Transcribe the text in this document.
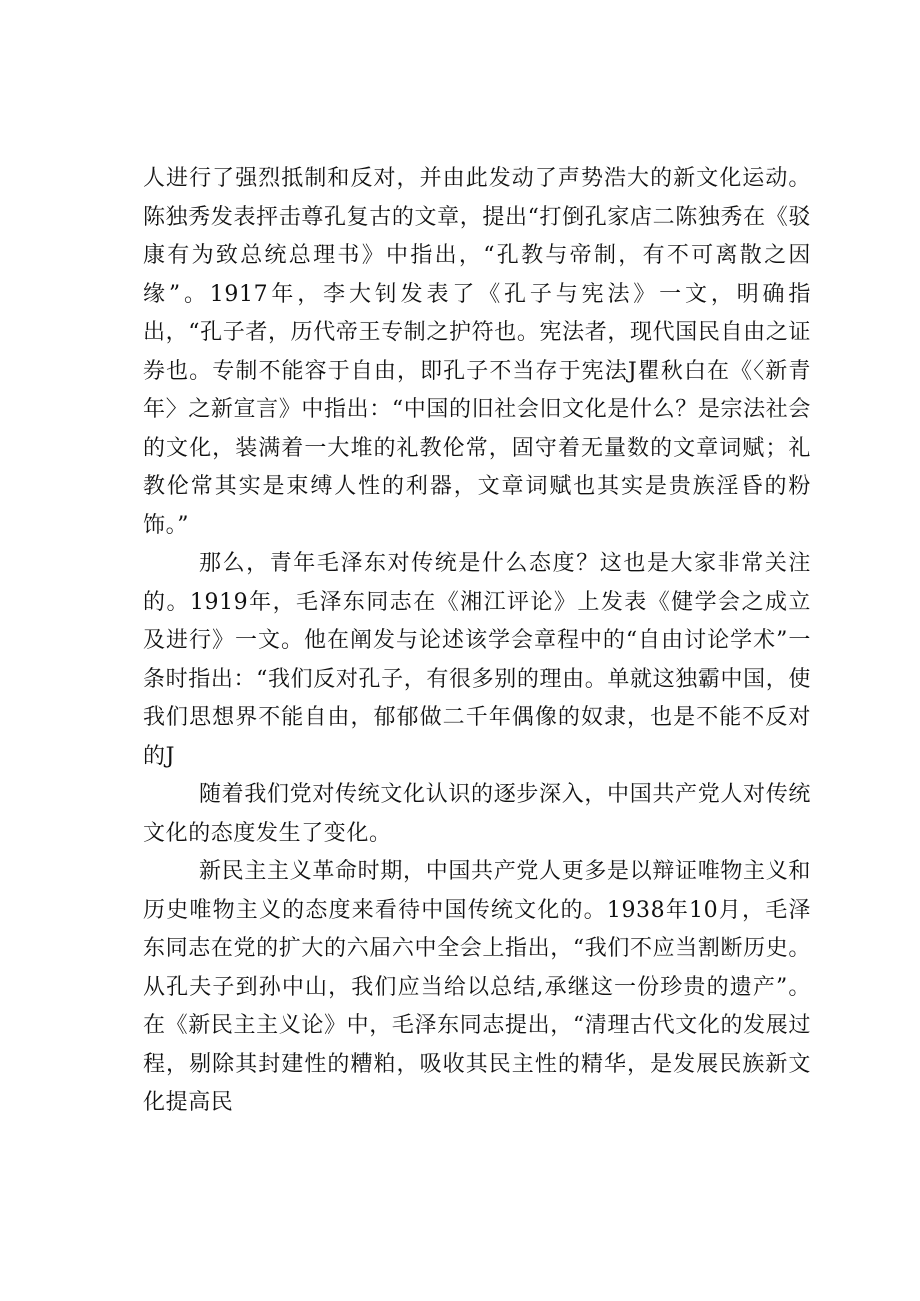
人进行了强烈抵制和反对，并由此发动了声势浩大的新文化运动。陈独秀发表抨击尊孔复古的文章，提出“打倒孔家店二陈独秀在《驳康有为致总统总理书》中指出，“孔教与帝制，有不可离散之因缘”。1917年，李大钊发表了《孔子与宪法》一文，明确指出，“孔子者，历代帝王专制之护符也。宪法者，现代国民自由之证券也。专制不能容于自由，即孔子不当存于宪法J瞿秋白在《〈新青年〉之新宣言》中指出：“中国的旧社会旧文化是什么？是宗法社会的文化，装满着一大堆的礼教伦常，固守着无量数的文章词赋；礼教伦常其实是束缚人性的利器，文章词赋也其实是贵族淫昏的粉饰。”

那么，青年毛泽东对传统是什么态度？这也是大家非常关注的。1919年，毛泽东同志在《湘江评论》上发表《健学会之成立及进行》一文。他在阐发与论述该学会章程中的“自由讨论学术”一条时指出：“我们反对孔子，有很多别的理由。单就这独霸中国，使我们思想界不能自由，郁郁做二千年偶像的奴隶，也是不能不反对的J

随着我们党对传统文化认识的逐步深入，中国共产党人对传统文化的态度发生了变化。

新民主主义革命时期，中国共产党人更多是以辩证唯物主义和历史唯物主义的态度来看待中国传统文化的。1938年10月，毛泽东同志在党的扩大的六届六中全会上指出，“我们不应当割断历史。从孔夫子到孙中山，我们应当给以总结,承继这一份珍贵的遗产”。在《新民主主义论》中，毛泽东同志提出，“清理古代文化的发展过程，剔除其封建性的糟粕，吸收其民主性的精华，是发展民族新文化提高民
